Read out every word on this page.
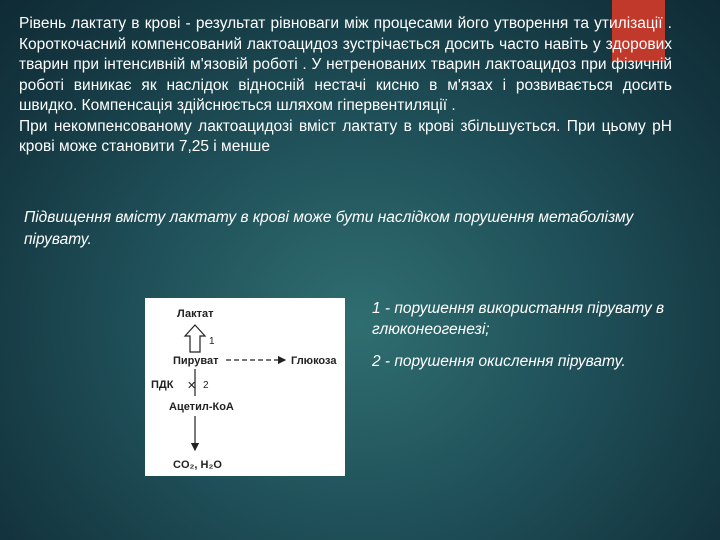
Рівень лактату в крові - результат рівноваги між процесами його утворення та утилізації . Короткочасний компенсований лактоацидоз зустрічається досить часто навіть у здорових тварин при інтенсивній м'язовій роботі . У нетренованих тварин лактоацидоз при фізичній роботі виникає як наслідок відносній нестачі кисню в м'язах і розвивається досить швидко. Компенсація здійснюється шляхом гіпервентиляції .

При некомпенсованому лактоацидозі вміст лактату в крові збільшується. При цьому pH крові може становити 7,25 і менше

Підвищення вмісту лактату в крові може бути наслідком порушення метаболізму пірувату.
Лактат
1
Пируват	Глюкоза
ПДК ✕ 2
Ацетил-КоА
CO₂, H₂O

1 - порушення використання пірувату в глюконеогенезі;

2 - порушення окислення пірувату.
